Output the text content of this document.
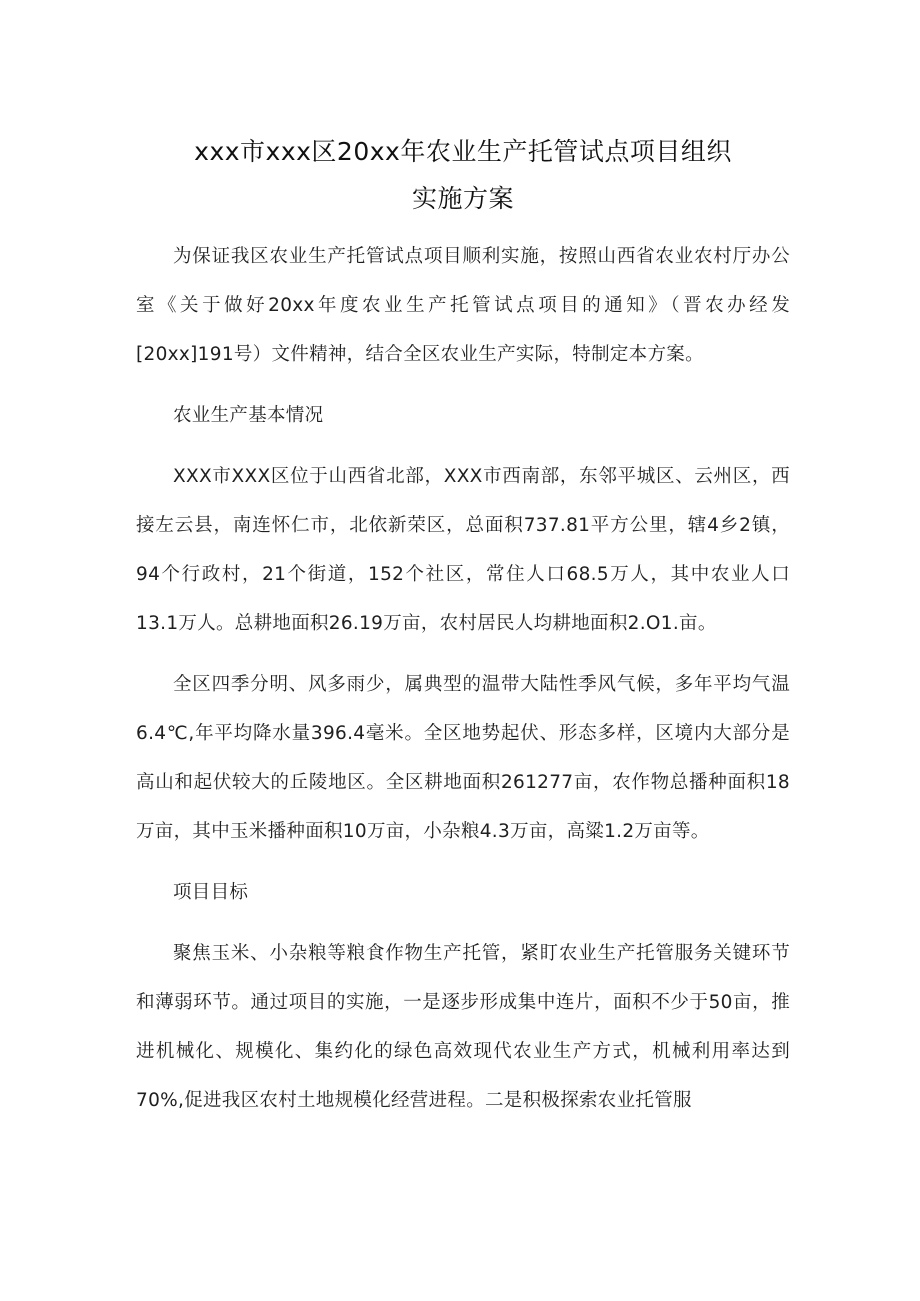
xxx市xxx区20xx年农业生产托管试点项目组织
实施方案

为保证我区农业生产托管试点项目顺利实施，按照山西省农业农村厅办公室《关于做好20xx年度农业生产托管试点项目的通知》（晋农办经发[20xx]191号）文件精神，结合全区农业生产实际，特制定本方案。

农业生产基本情况

XXX市XXX区位于山西省北部，XXX市西南部，东邻平城区、云州区，西接左云县，南连怀仁市，北依新荣区，总面积737.81平方公里，辖4乡2镇，94个行政村，21个街道，152个社区，常住人口68.5万人，其中农业人口13.1万人。总耕地面积26.19万亩，农村居民人均耕地面积2.O1.亩。

全区四季分明、风多雨少，属典型的温带大陆性季风气候，多年平均气温6.4℃,年平均降水量396.4毫米。全区地势起伏、形态多样，区境内大部分是高山和起伏较大的丘陵地区。全区耕地面积261277亩，农作物总播种面积18万亩，其中玉米播种面积10万亩，小杂粮4.3万亩，高粱1.2万亩等。

项目目标

聚焦玉米、小杂粮等粮食作物生产托管，紧盯农业生产托管服务关键环节和薄弱环节。通过项目的实施，一是逐步形成集中连片，面积不少于50亩，推进机械化、规模化、集约化的绿色高效现代农业生产方式，机械利用率达到70%,促进我区农村土地规模化经营进程。二是积极探索农业托管服
